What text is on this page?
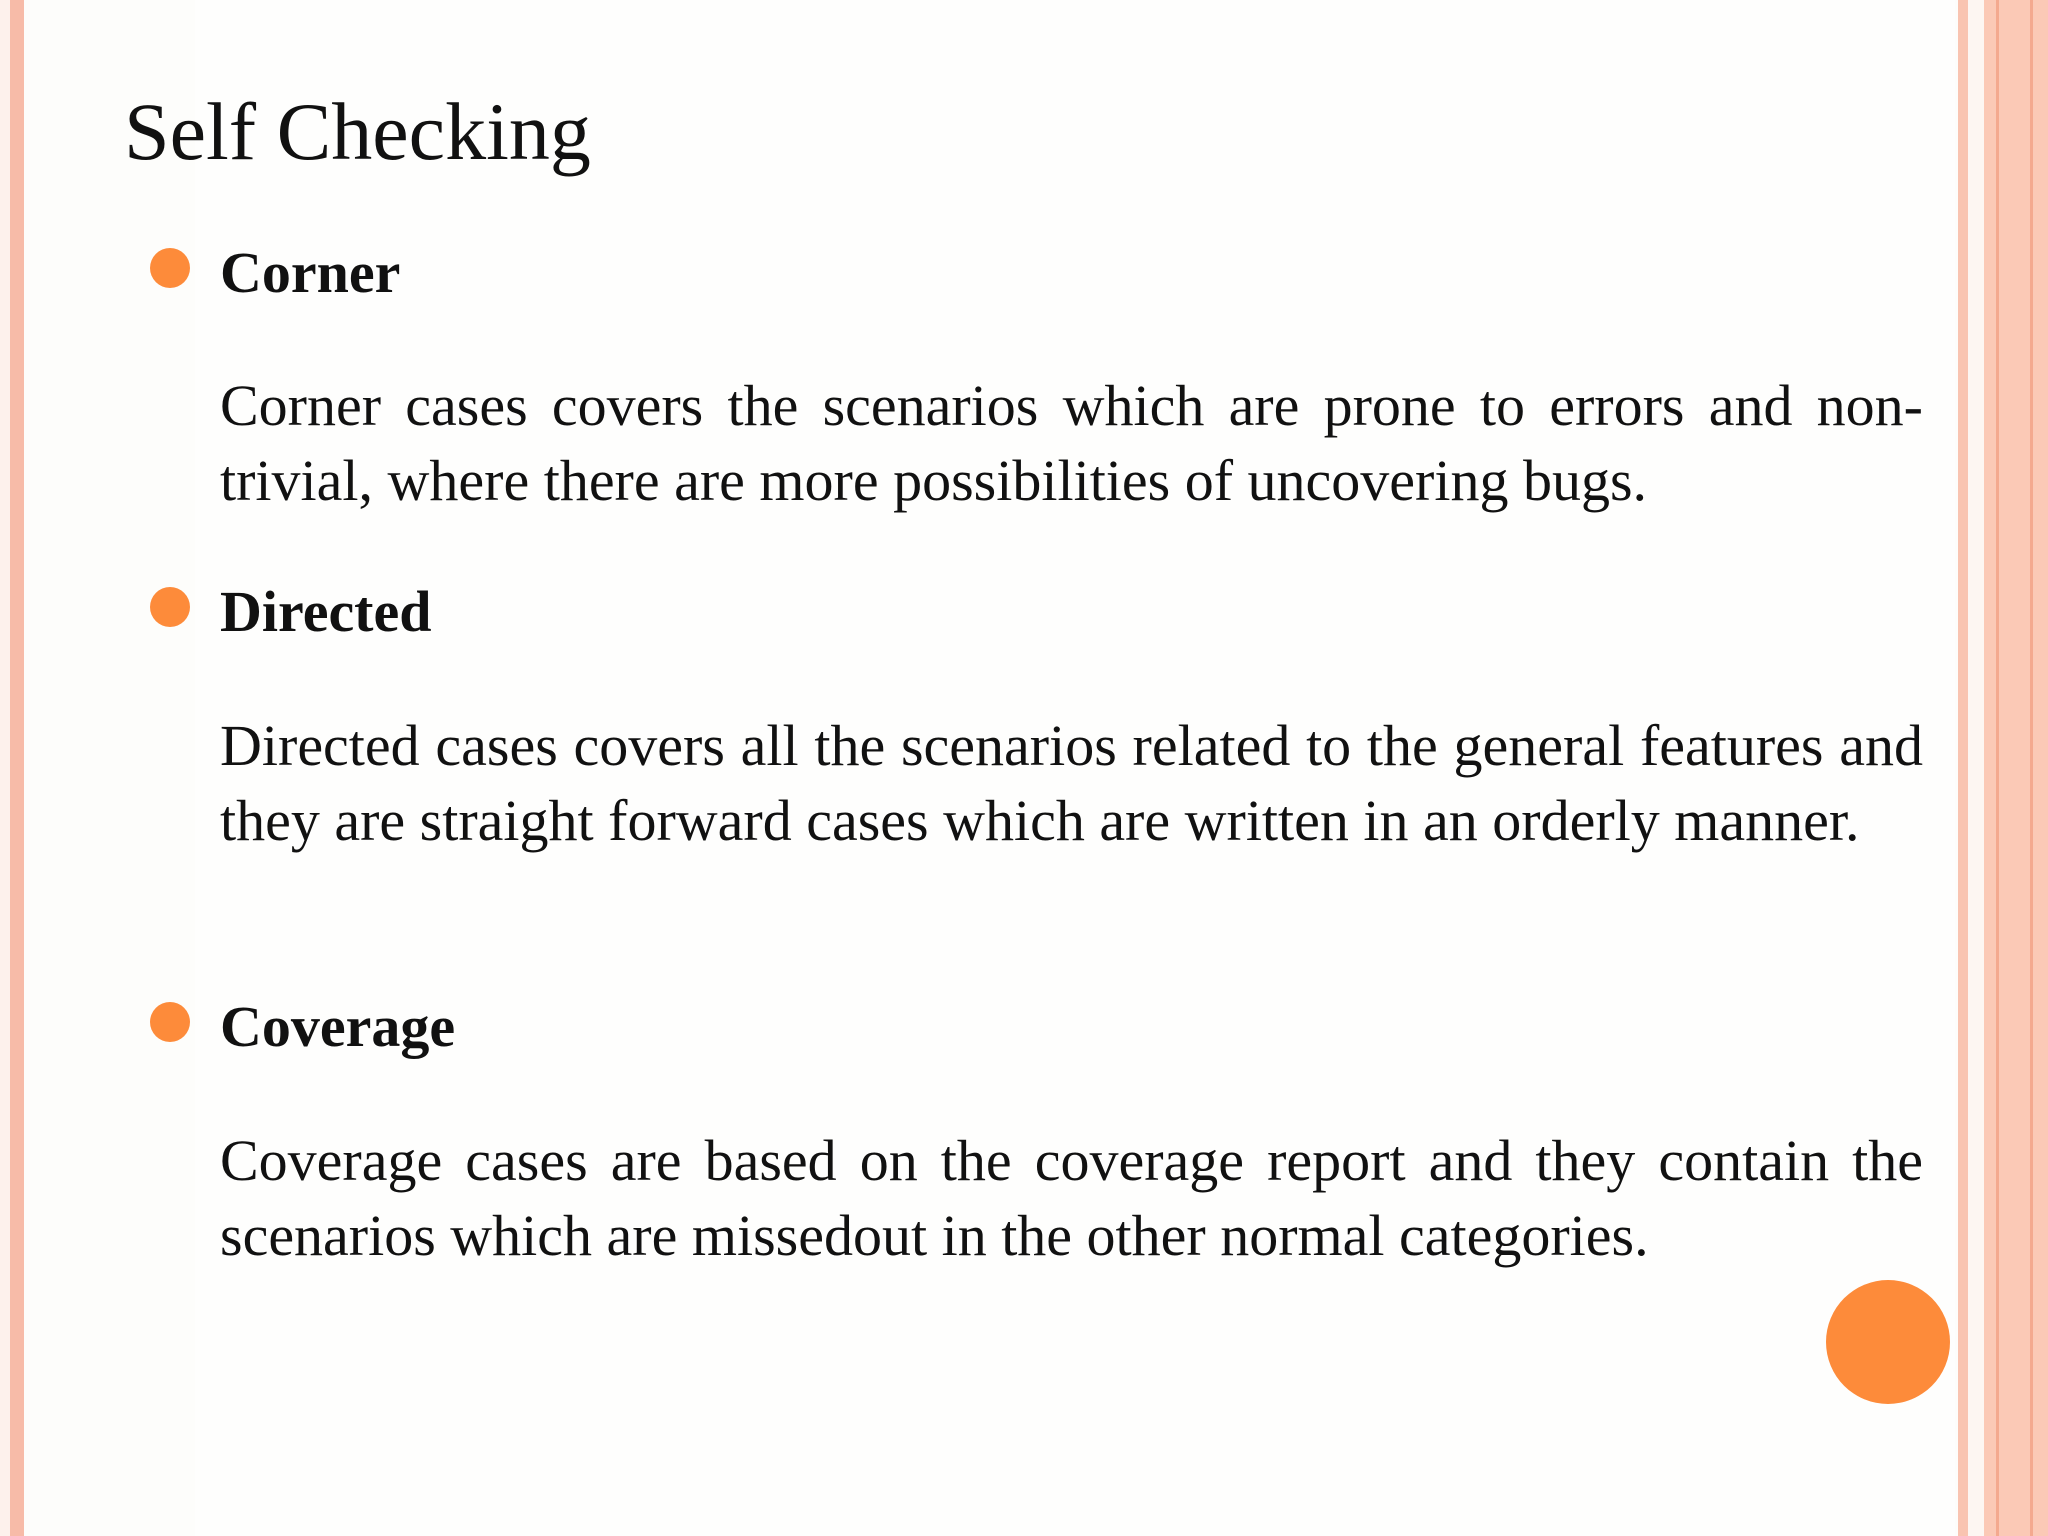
Self Checking
Corner

Corner cases covers the scenarios which are prone to errors and non-trivial, where there are more possibilities of uncovering bugs.

Directed

Directed cases covers all the scenarios related to the general features and they are straight forward cases which are written in an orderly manner.

Coverage

Coverage cases are based on the coverage report and they contain the scenarios which are missedout in the other normal categories.
